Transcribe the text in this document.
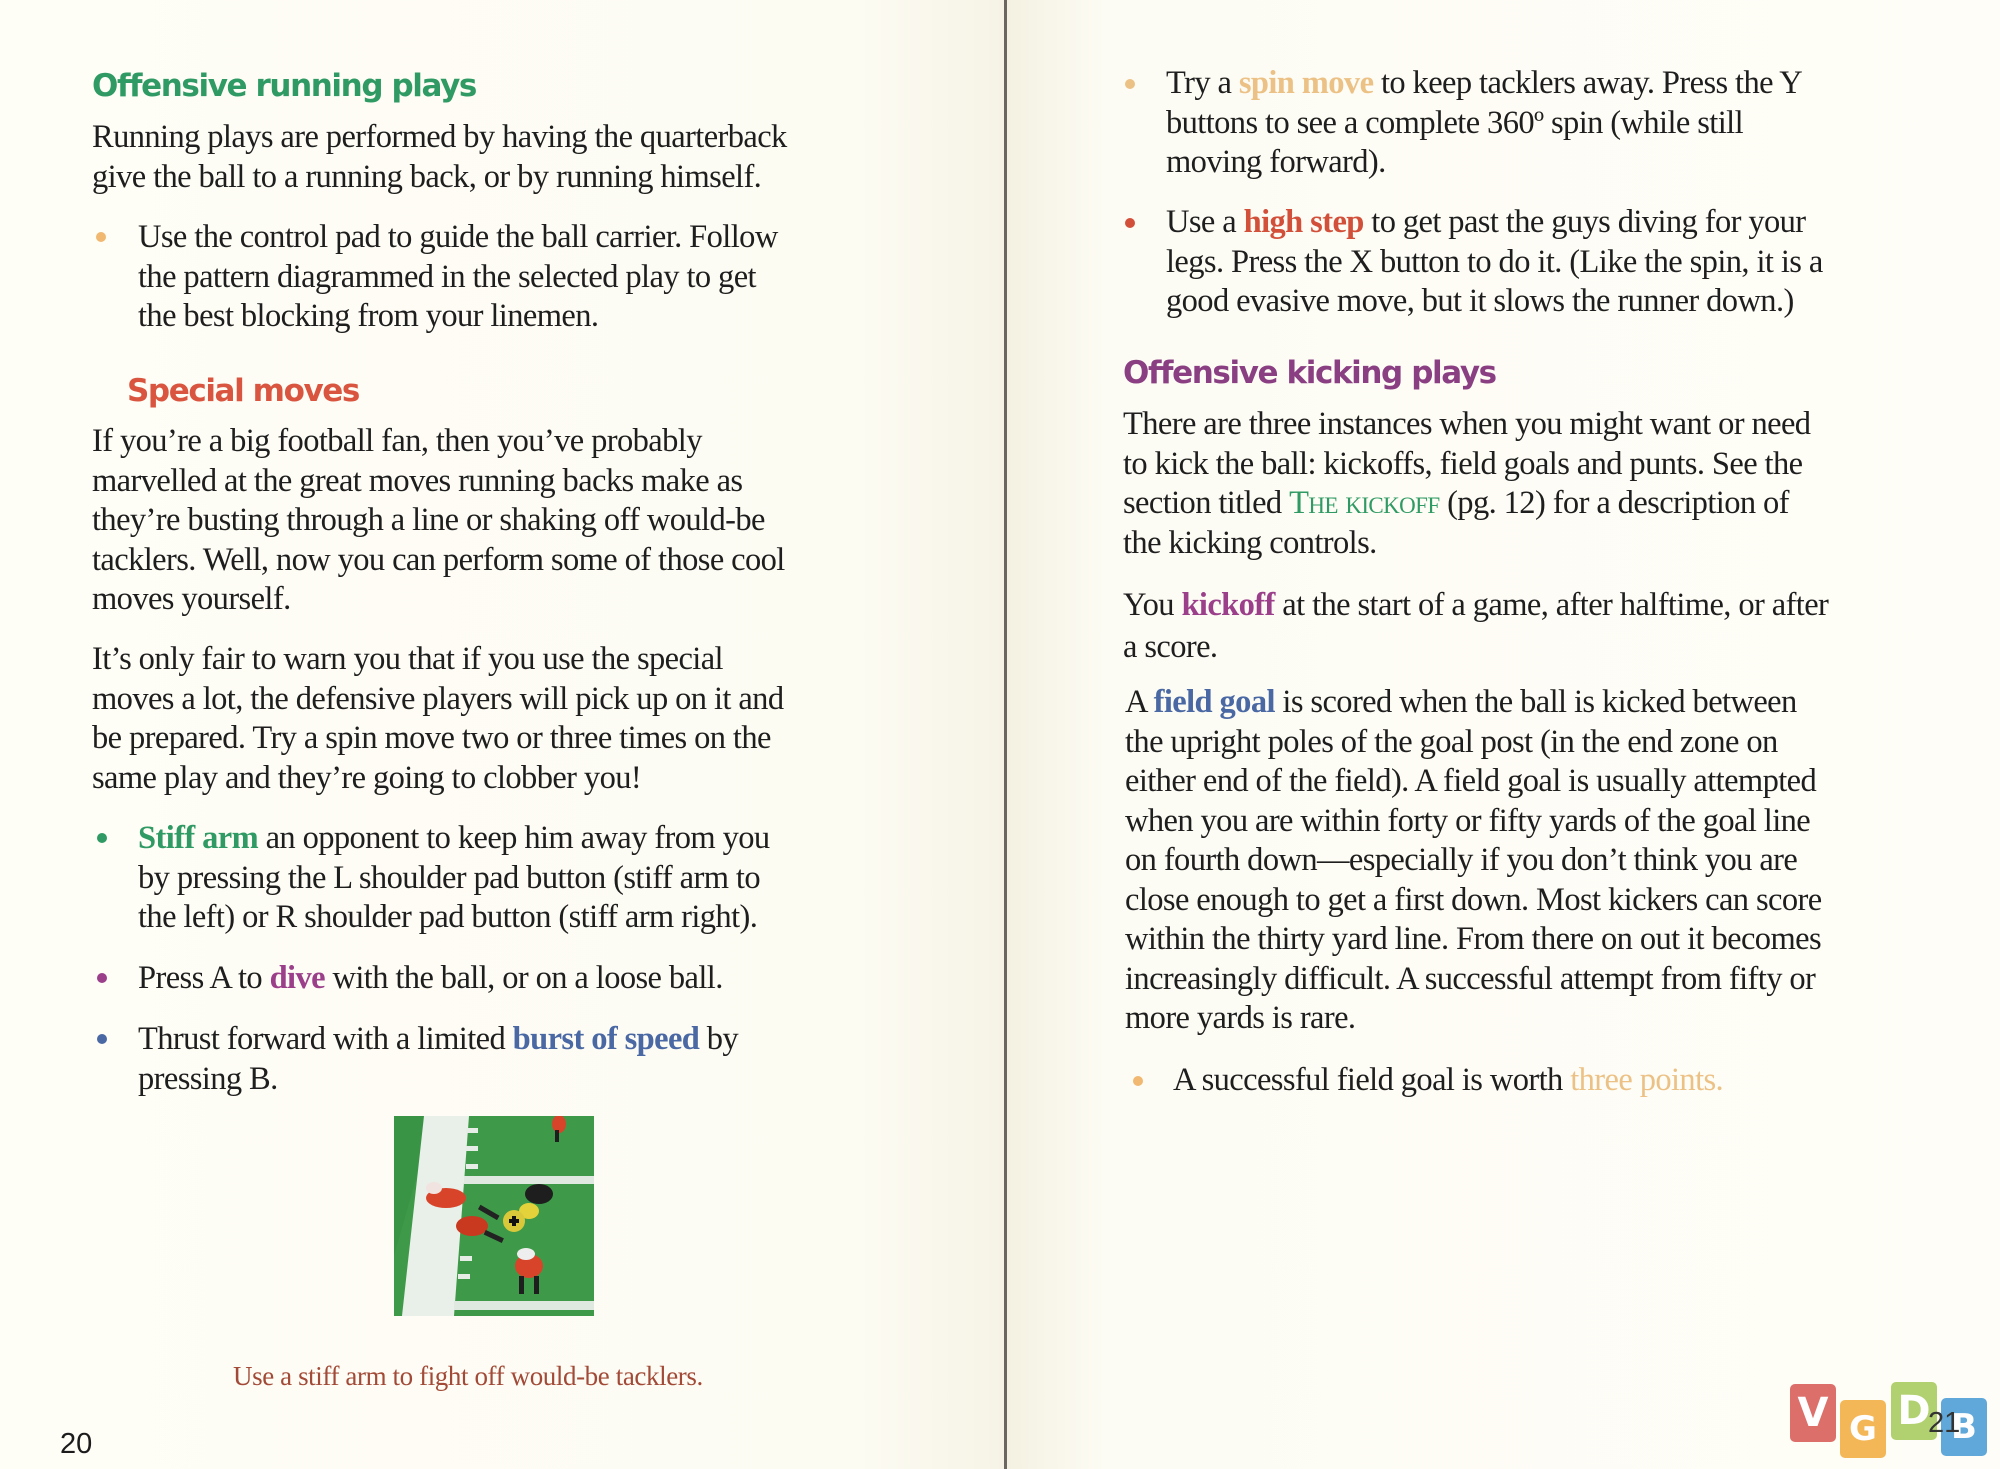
Offensive running plays
Running plays are performed by having the quarterback
give the ball to a running back, or by running himself.
Use the control pad to guide the ball carrier. Follow
the pattern diagrammed in the selected play to get
the best blocking from your linemen.
Special moves
If you’re a big football fan, then you’ve probably
marvelled at the great moves running backs make as
they’re busting through a line or shaking off would-be
tacklers. Well, now you can perform some of those cool
moves yourself.
It’s only fair to warn you that if you use the special
moves a lot, the defensive players will pick up on it and
be prepared. Try a spin move two or three times on the
same play and they’re going to clobber you!
Stiff arm an opponent to keep him away from you
by pressing the L shoulder pad button (stiff arm to
the left) or R shoulder pad button (stiff arm right).
Press A to dive with the ball, or on a loose ball.
Thrust forward with a limited burst of speed by
pressing B.
Use a stiff arm to fight off would-be tacklers.
20
Try a spin move to keep tacklers away. Press the Y
buttons to see a complete 360º spin (while still
moving forward).
Use a high step to get past the guys diving for your
legs. Press the X button to do it. (Like the spin, it is a
good evasive move, but it slows the runner down.)
Offensive kicking plays
There are three instances when you might want or need
to kick the ball: kickoffs, field goals and punts. See the
section titled The kickoff (pg. 12) for a description of
the kicking controls.
You kickoff at the start of a game, after halftime, or after
a score.
A field goal is scored when the ball is kicked between
the upright poles of the goal post (in the end zone on
either end of the field). A field goal is usually attempted
when you are within forty or fifty yards of the goal line
on fourth down—especially if you don’t think you are
close enough to get a first down. Most kickers can score
within the thirty yard line. From there on out it becomes
increasingly difficult. A successful attempt from fifty or
more yards is rare.
A successful field goal is worth three points.
V G D B
21
